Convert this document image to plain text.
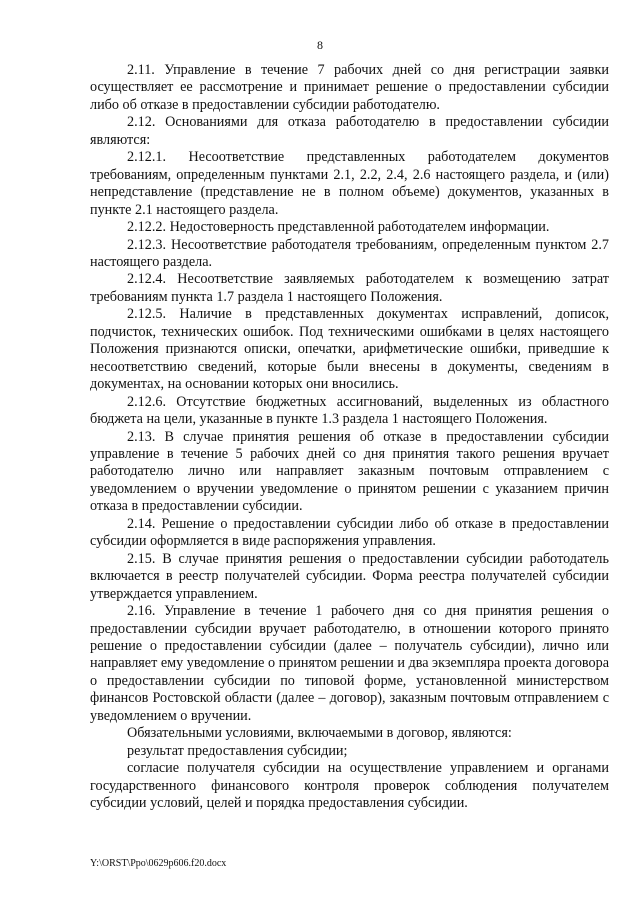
8

2.11. Управление в течение 7 рабочих дней со дня регистрации заявки осуществляет ее рассмотрение и принимает решение о предоставлении субсидии либо об отказе в предоставлении субсидии работодателю.

2.12. Основаниями для отказа работодателю в предоставлении субсидии являются:

2.12.1. Несоответствие представленных работодателем документов требованиям, определенным пунктами 2.1, 2.2, 2.4, 2.6 настоящего раздела, и (или) непредставление (представление не в полном объеме) документов, указанных в пункте 2.1 настоящего раздела.

2.12.2. Недостоверность представленной работодателем информации.

2.12.3. Несоответствие работодателя требованиям, определенным пунктом 2.7 настоящего раздела.

2.12.4. Несоответствие заявляемых работодателем к возмещению затрат требованиям пункта 1.7 раздела 1 настоящего Положения.

2.12.5. Наличие в представленных документах исправлений, дописок, подчисток, технических ошибок. Под техническими ошибками в целях настоящего Положения признаются описки, опечатки, арифметические ошибки, приведшие к несоответствию сведений, которые были внесены в документы, сведениям в документах, на основании которых они вносились.

2.12.6. Отсутствие бюджетных ассигнований, выделенных из областного бюджета на цели, указанные в пункте 1.3 раздела 1 настоящего Положения.

2.13. В случае принятия решения об отказе в предоставлении субсидии управление в течение 5 рабочих дней со дня принятия такого решения вручает работодателю лично или направляет заказным почтовым отправлением с уведомлением о вручении уведомление о принятом решении с указанием причин отказа в предоставлении субсидии.

2.14. Решение о предоставлении субсидии либо об отказе в предоставлении субсидии оформляется в виде распоряжения управления.

2.15. В случае принятия решения о предоставлении субсидии работодатель включается в реестр получателей субсидии. Форма реестра получателей субсидии утверждается управлением.

2.16. Управление в течение 1 рабочего дня со дня принятия решения о предоставлении субсидии вручает работодателю, в отношении которого принято решение о предоставлении субсидии (далее – получатель субсидии), лично или направляет ему уведомление о принятом решении и два экземпляра проекта договора о предоставлении субсидии по типовой форме, установленной министерством финансов Ростовской области (далее – договор), заказным почтовым отправлением с уведомлением о вручении.

Обязательными условиями, включаемыми в договор, являются:

результат предоставления субсидии;

согласие получателя субсидии на осуществление управлением и органами государственного финансового контроля проверок соблюдения получателем субсидии условий, целей и порядка предоставления субсидии.

Y:\ORST\Ppo\0629p606.f20.docx
